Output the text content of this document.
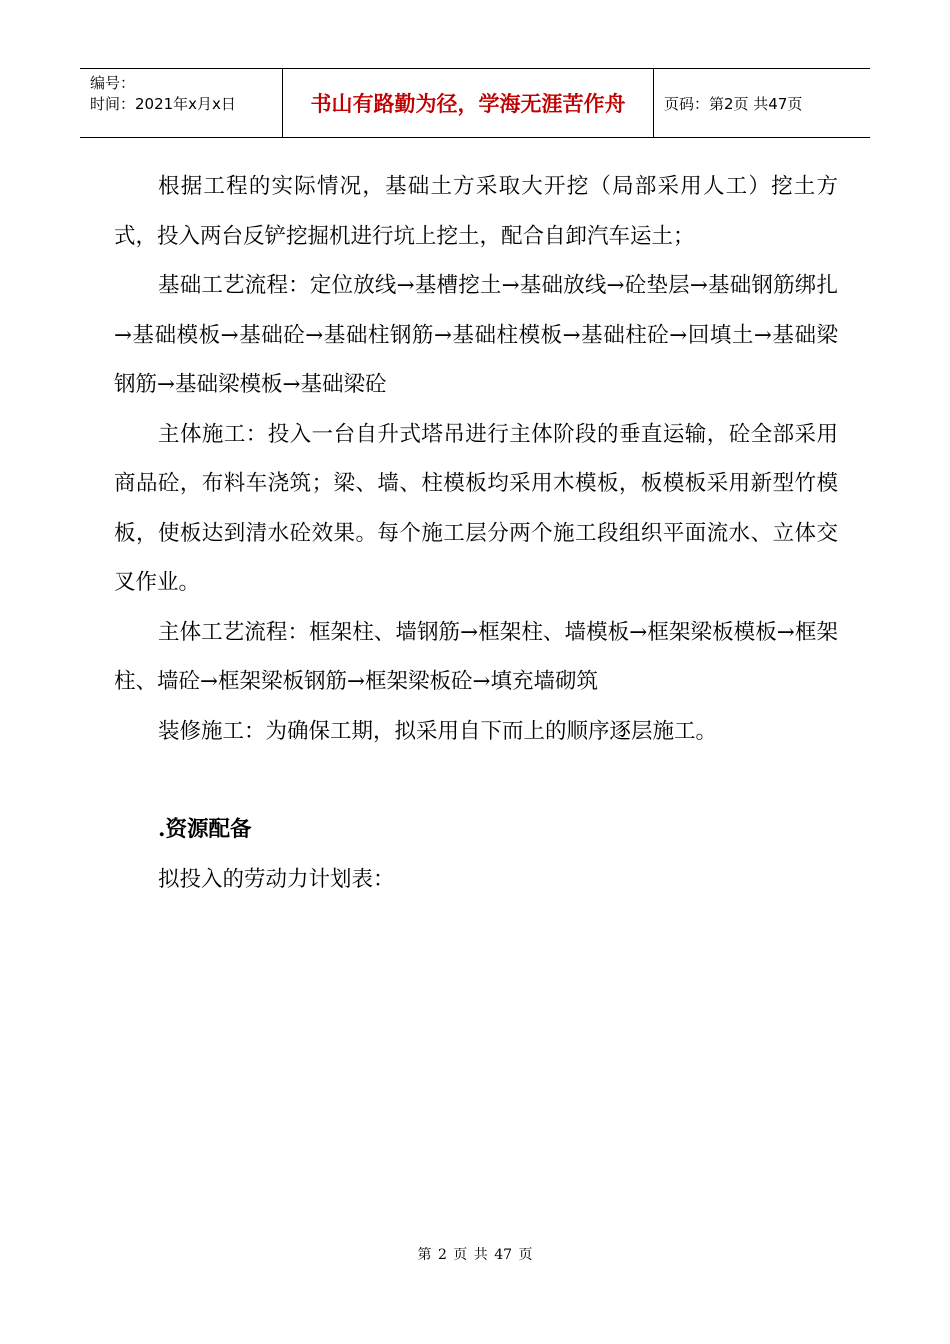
编号：
时间：2021年x月x日	书山有路勤为径，学海无涯苦作舟	页码：第2页 共47页

根据工程的实际情况，基础土方采取大开挖（局部采用人工）挖土方式，投入两台反铲挖掘机进行坑上挖土，配合自卸汽车运土；

基础工艺流程：定位放线→基槽挖土→基础放线→砼垫层→基础钢筋绑扎→基础模板→基础砼→基础柱钢筋→基础柱模板→基础柱砼→回填土→基础梁钢筋→基础梁模板→基础梁砼

主体施工：投入一台自升式塔吊进行主体阶段的垂直运输，砼全部采用商品砼，布料车浇筑；梁、墙、柱模板均采用木模板，板模板采用新型竹模板，使板达到清水砼效果。每个施工层分两个施工段组织平面流水、立体交叉作业。

主体工艺流程：框架柱、墙钢筋→框架柱、墙模板→框架梁板模板→框架柱、墙砼→框架梁板钢筋→框架梁板砼→填充墙砌筑

装修施工：为确保工期，拟采用自下而上的顺序逐层施工。

.资源配备

拟投入的劳动力计划表：

第 2 页 共 47 页
